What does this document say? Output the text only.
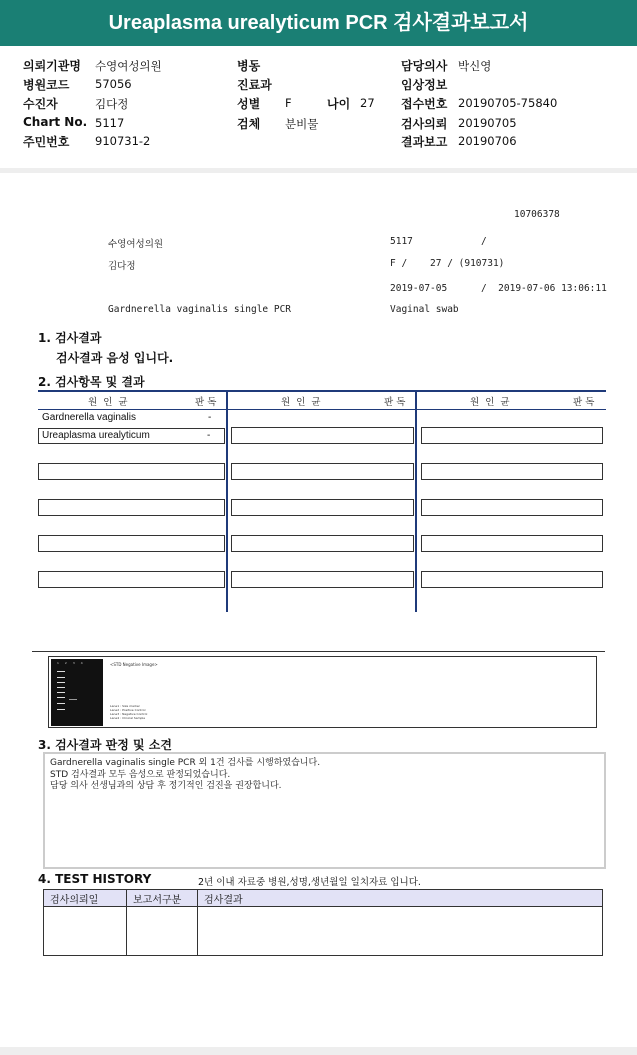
Ureaplasma urealyticum PCR 검사결과보고서
의뢰기관명 수영여성의원
병원코드 57056
수진자	김다정
Chart No. 5117
주민번호 910731-2
병동
진료과
성별 F	나이 27
검체 분비물
담당의사 박신영
임상정보
접수번호 20190705-75840
검사의뢰 20190705
결과보고 20190706
10706378
수영여성의원	5117	/
김다정	F /    27 / (910731)
2019-07-05	/  2019-07-06 13:06:11
Gardnerella vaginalis single PCR	Vaginal swab
1. 검사결과
검사결과 음성 입니다.
2. 검사항목 및 결과
원  인  균	판 독	원  인  균	판 독	원  인  균	판 독
Gardnerella vaginalis	-
Ureaplasma urealyticum	-
1234	<STD Negative Image>
Lane1 : Size marker
Lane2 : Positive Control
Lane3 : Negative Control
Lane4 : Clinical Sample
3. 검사결과 판정 및 소견
Gardnerella vaginalis single PCR 외 1건 검사를 시행하였습니다.
STD 검사결과 모두 음성으로 판정되었습니다.
담당 의사 선생님과의 상담 후 정기적인 검진을 권장합니다.
4. TEST HISTORY	2년 이내 자료중 병원,성명,생년월일 일치자료 입니다.
검사의뢰일	보고서구분	검사결과
